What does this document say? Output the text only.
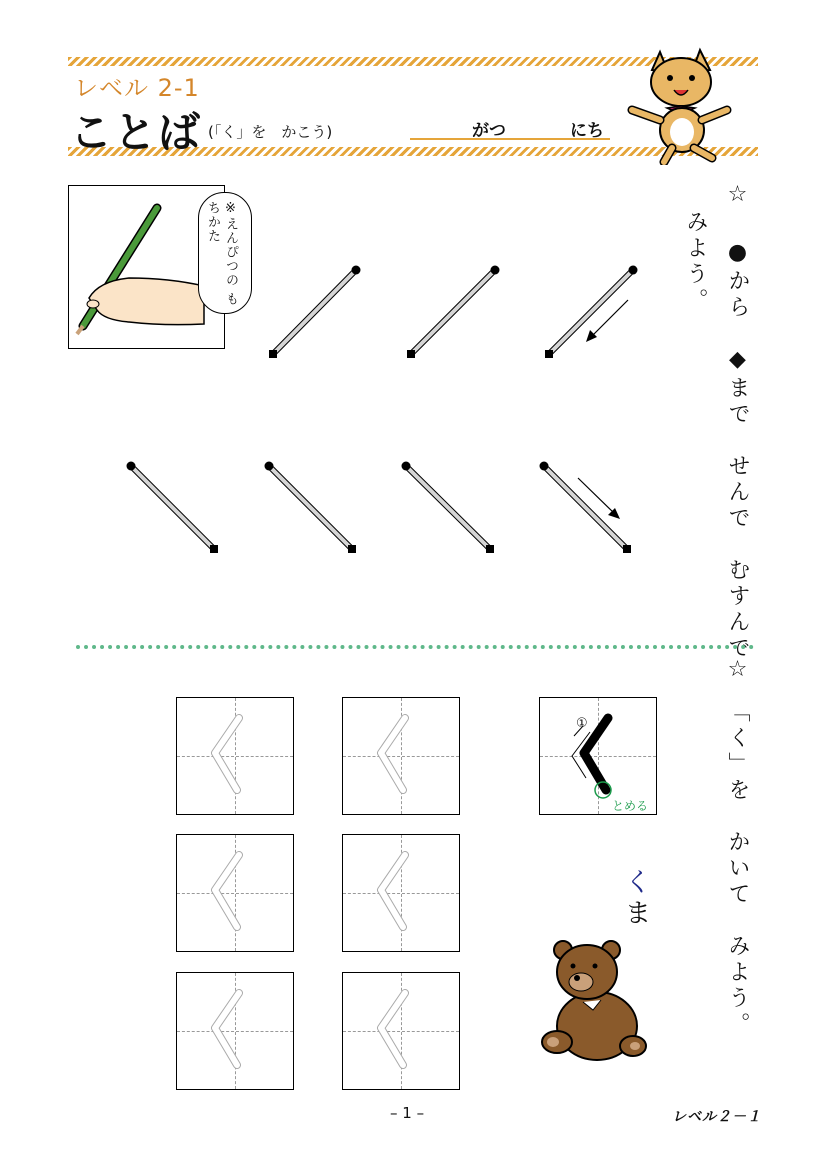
レベル 2-1
ことば (「く」を　かこう)	がつ	にち
☆
●から　◆まで　せんで　むすんで
みよう。
※えんぴつの もちかた
☆
「く」を　かいて　みよう。
①
とめる
く
ま
– 1 –	レベル２－１
